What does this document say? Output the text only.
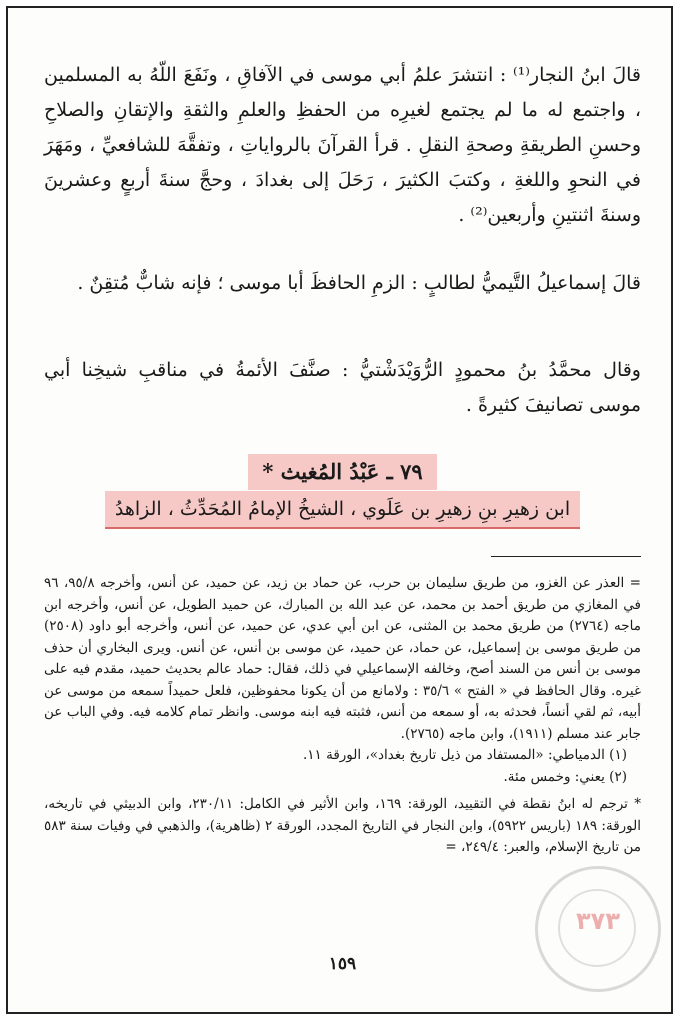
قالَ ابنُ النجار⁽¹⁾ : انتشرَ علمُ أبي موسى في الآفاقِ ، ونَفَعَ اللّهُ به المسلمين ، واجتمع له ما لم يجتمع لغيرِه من الحفظِ والعلمِ والثقةِ والإتقانِ والصلاحِ وحسنِ الطريقةِ وصحةِ النقلِ . قرأ القرآنَ بالرواياتِ ، وتفقَّهَ للشافعيِّ ، ومَهَرَ في النحوِ واللغةِ ، وكتبَ الكثيرَ ، رَحَلَ إلى بغدادَ ، وحجَّ سنةَ أربعٍ وعشرينَ وسنةَ اثنتينِ وأربعين⁽²⁾ .

قالَ إسماعيلُ التَّيميُّ لطالبٍ : الزمِ الحافظَ أبا موسى ؛ فإنه شابٌّ مُتقِنٌ .

وقال محمَّدُ بنُ محمودٍ الرُّوَيْدَشْتيُّ : صنَّفَ الأئمةُ في مناقبِ شيخِنا أبي موسى تصانيفَ كثيرةً .

٧٩ ـ عَبْدُ المُغيث *
ابن زهيرِ بنِ زهيرِ بن عَلَوي ، الشيخُ الإمامُ المُحَدِّثُ ، الزاهدُ

= العذر عن الغزو، من طريق سليمان بن حرب، عن حماد بن زيد، عن حميد، عن أنس، وأخرجه ٩٥/٨، ٩٦ في المغازي من طريق أحمد بن محمد، عن عبد الله بن المبارك، عن حميد الطويل، عن أنس، وأخرجه ابن ماجه (٢٧٦٤) من طريق محمد بن المثنى، عن ابن أبي عدي، عن حميد، عن أنس، وأخرجه أبو داود (٢٥٠٨) من طريق موسى بن إسماعيل، عن حماد، عن حميد، عن موسى بن أنس، عن أنس. ويرى البخاري أن حذف موسى بن أنس من السند أصح، وخالفه الإسماعيلي في ذلك، فقال: حماد عالم بحديث حميد، مقدم فيه على غيره. وقال الحافظ في « الفتح » ٣٥/٦ : ولامانع من أن يكونا محفوظين، فلعل حميداً سمعه من موسى عن أبيه، ثم لقي أنساً، فحدثه به، أو سمعه من أنس، فثبته فيه ابنه موسى. وانظر تمام كلامه فيه. وفي الباب عن جابر عند مسلم (١٩١١)، وابن ماجه (٢٧٦٥).

(١) الدمياطي: «المستفاد من ذيل تاريخ بغداد»، الورقة ١١.

(٢) يعني: وخمس مئة.

* ترجم له ابنُ نقطة في التقييد، الورقة: ١٦٩، وابن الأثير في الكامل: ٢٣٠/١١، وابن الدبيثي في تاريخه، الورقة: ١٨٩ (باريس ٥٩٢٢)، وابن النجار في التاريخ المجدد، الورقة ٢ (ظاهرية)، والذهبي في وفيات سنة ٥٨٣ من تاريخ الإسلام، والعبر: ٢٤٩/٤، =

١٥٩
٣٧٣
